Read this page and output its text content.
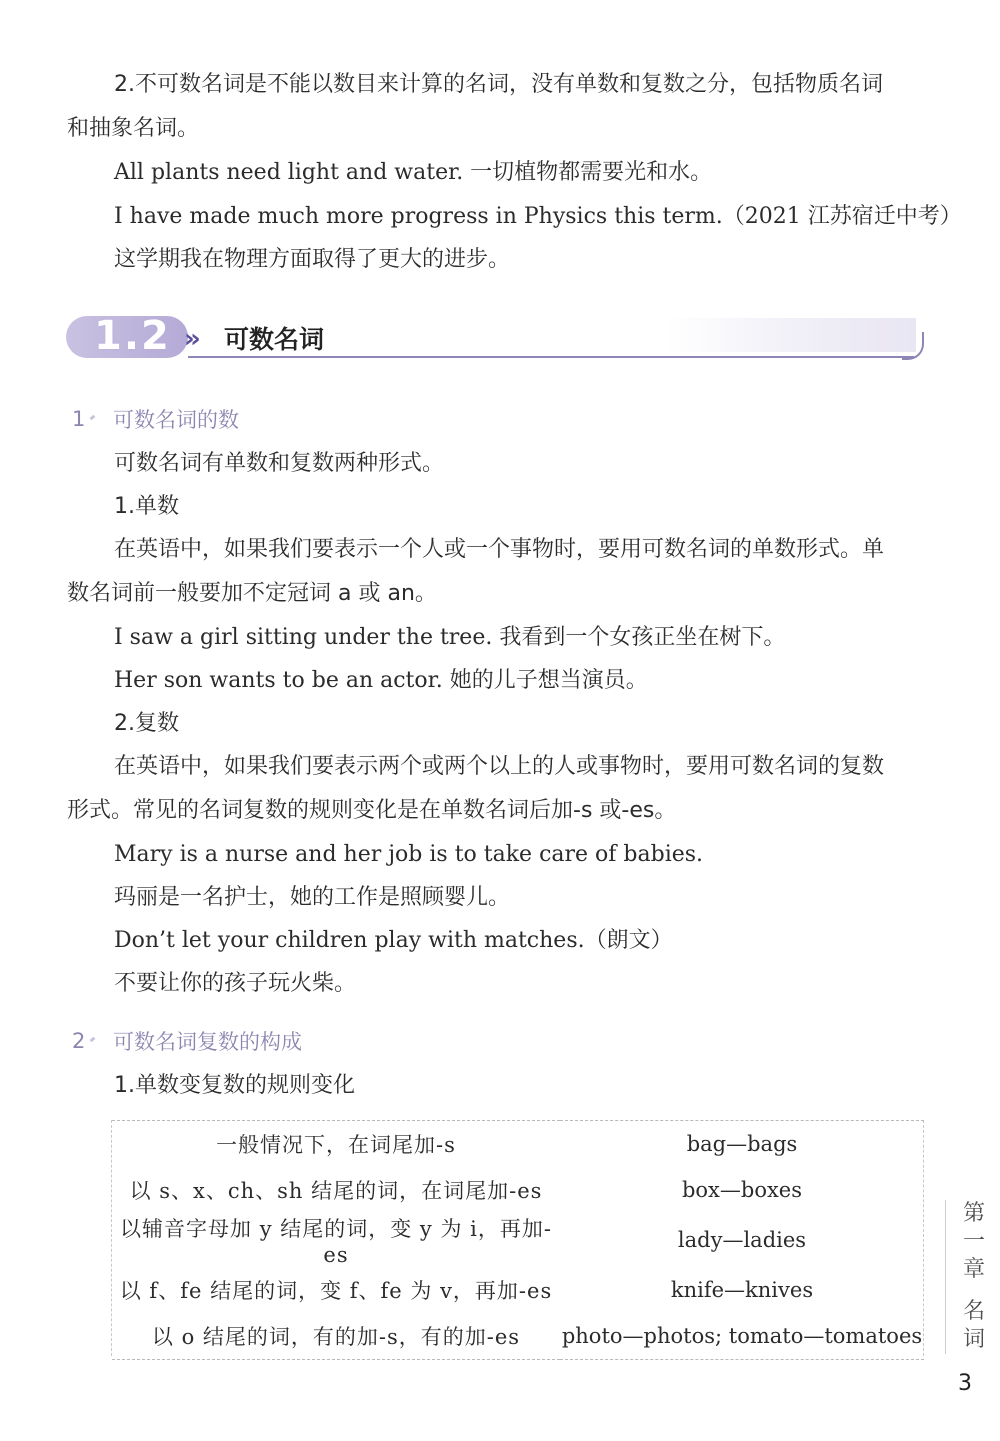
2.不可数名词是不能以数目来计算的名词，没有单数和复数之分，包括物质名词
和抽象名词。
All plants need light and water. 一切植物都需要光和水。
I have made much more progress in Physics this term.（2021 江苏宿迁中考）
这学期我在物理方面取得了更大的进步。
1.2 » 可数名词
1 可数名词的数
可数名词有单数和复数两种形式。
1.单数
在英语中，如果我们要表示一个人或一个事物时，要用可数名词的单数形式。单
数名词前一般要加不定冠词 a 或 an。
I saw a girl sitting under the tree. 我看到一个女孩正坐在树下。
Her son wants to be an actor. 她的儿子想当演员。
2.复数
在英语中，如果我们要表示两个或两个以上的人或事物时，要用可数名词的复数
形式。常见的名词复数的规则变化是在单数名词后加-s 或-es。
Mary is a nurse and her job is to take care of babies.
玛丽是一名护士，她的工作是照顾婴儿。
Don’t let your children play with matches.（朗文）
不要让你的孩子玩火柴。
2 可数名词复数的构成
1.单数变复数的规则变化
一般情况下，在词尾加-s	bag—bags
以 s、x、ch、sh 结尾的词，在词尾加-es	box—boxes
以辅音字母加 y 结尾的词，变 y 为 i，再加-es	lady—ladies
以 f、fe 结尾的词，变 f、fe 为 v，再加-es	knife—knives
以 o 结尾的词，有的加-s，有的加-es	photo—photos; tomato—tomatoes
第
一
章
名
词
3
